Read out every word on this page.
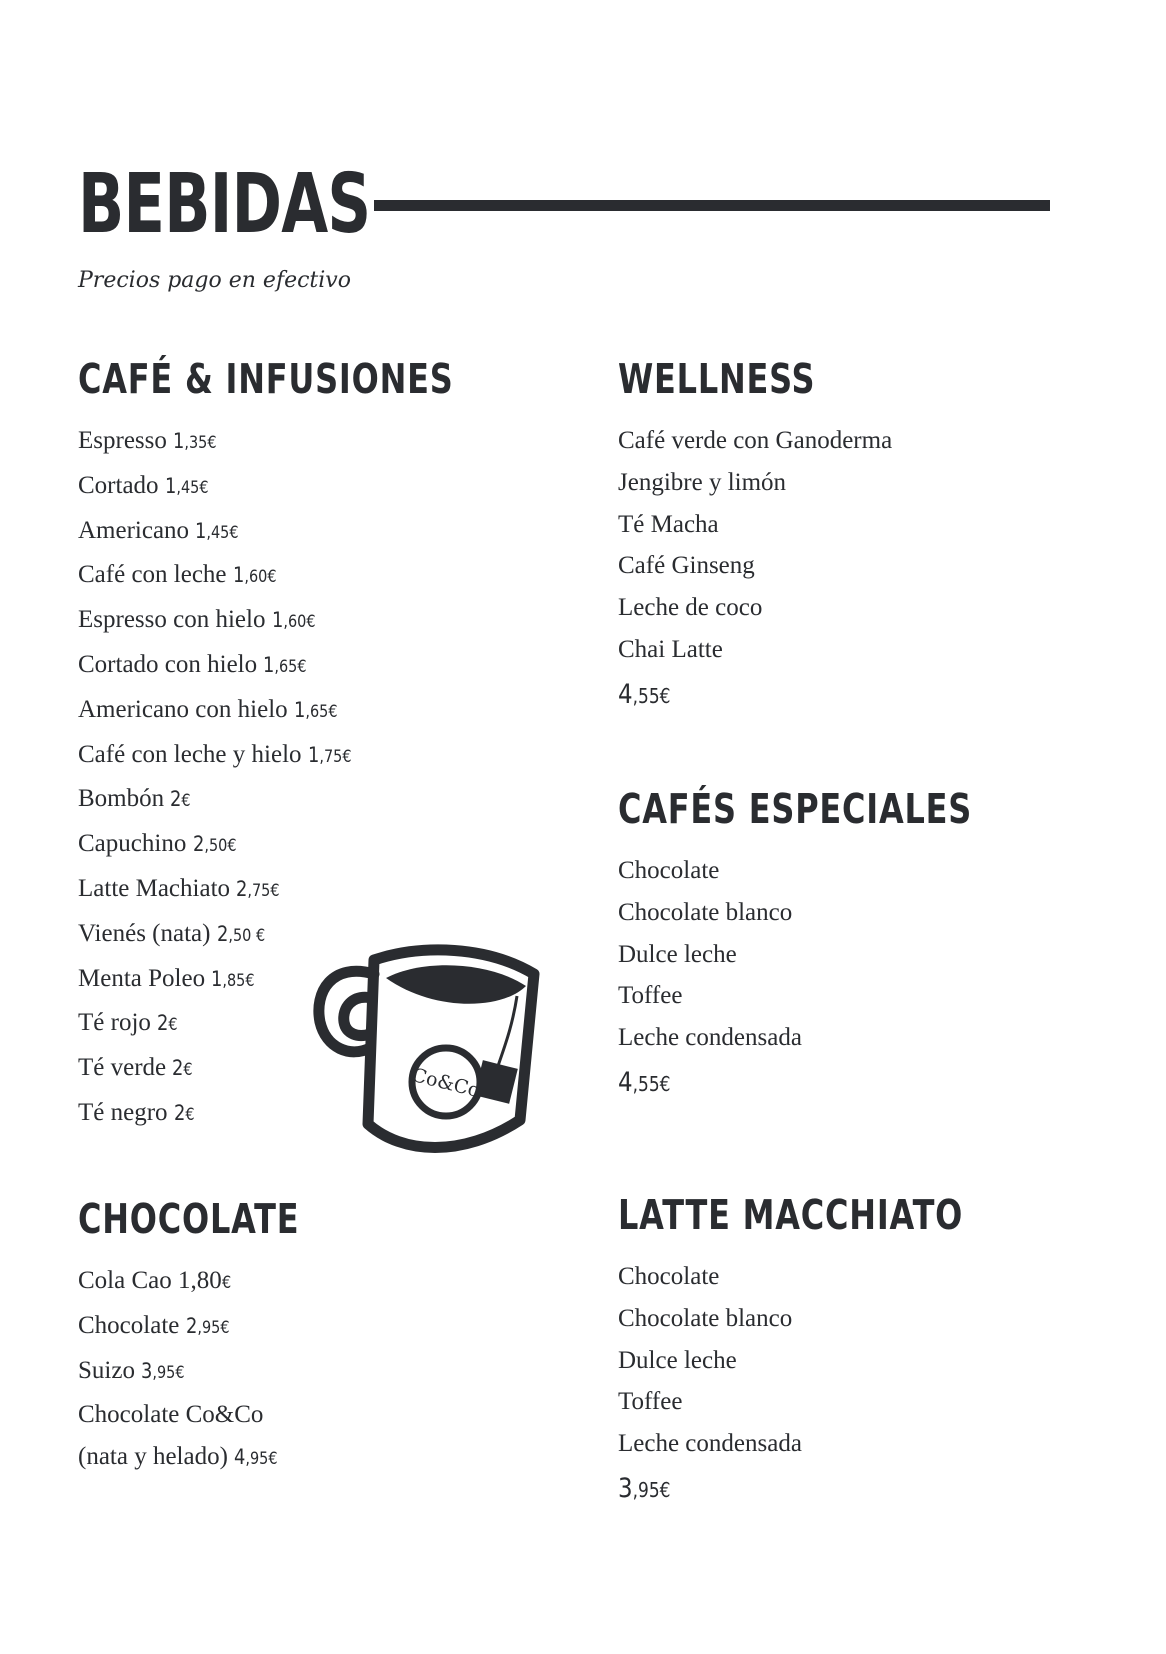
BEBIDAS
Precios pago en efectivo
CAFÉ & INFUSIONES
Espresso 1,35€
Cortado 1,45€
Americano 1,45€
Café con leche 1,60€
Espresso con hielo 1,60€
Cortado con hielo 1,65€
Americano con hielo 1,65€
Café con leche y hielo 1,75€
Bombón 2€
Capuchino 2,50€
Latte Machiato 2,75€
Vienés (nata) 2,50 €
Menta Poleo 1,85€
Té rojo 2€
Té verde 2€
Té negro 2€
WELLNESS
Café verde con Ganoderma
Jengibre y limón
Té Macha
Café Ginseng
Leche de coco
Chai Latte
4,55€
CAFÉS ESPECIALES
Chocolate
Chocolate blanco
Dulce leche
Toffee
Leche condensada
4,55€
CHOCOLATE
Cola Cao 1,80€
Chocolate 2,95€
Suizo 3,95€
Chocolate Co&Co
(nata y helado) 4,95€
LATTE MACCHIATO
Chocolate
Chocolate blanco
Dulce leche
Toffee
Leche condensada
3,95€
Co&Co
